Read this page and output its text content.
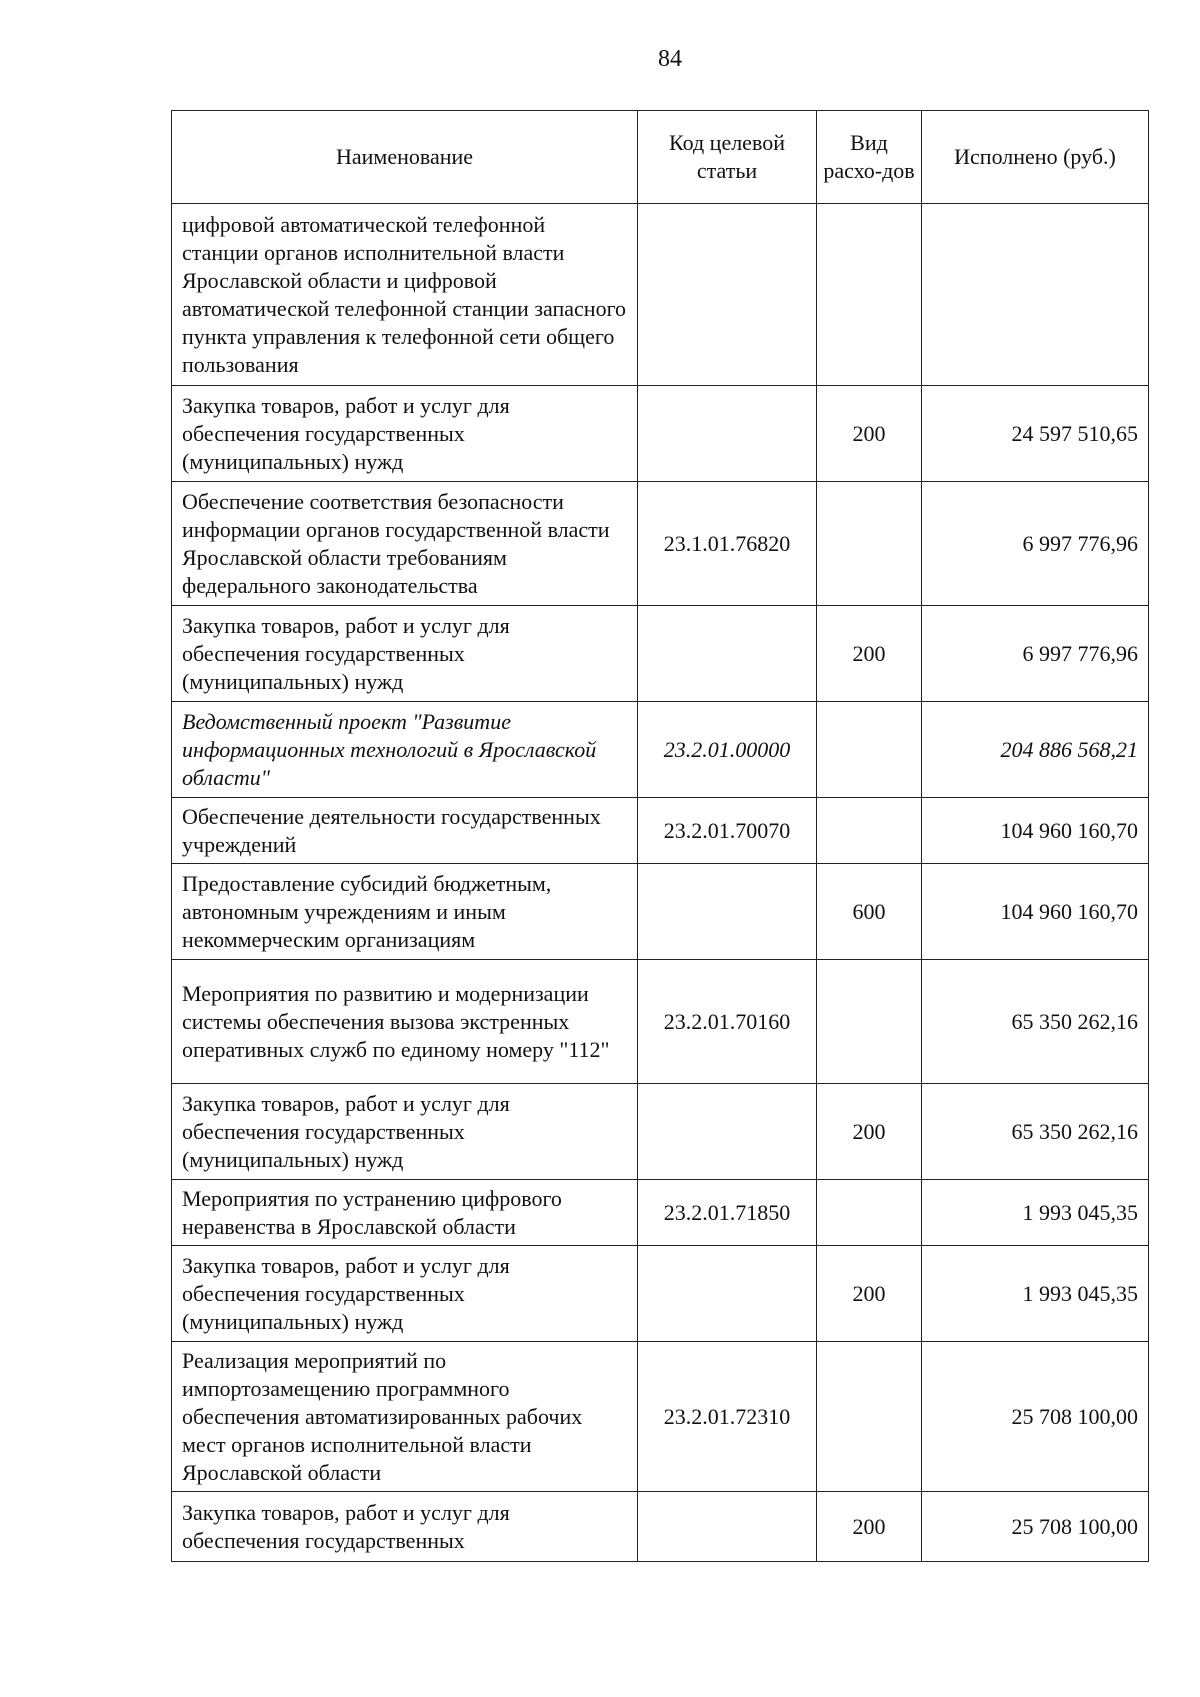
84
Наименование	Код целевой статьи	Вид расхо-дов	Исполнено (руб.)
цифровой автоматической телефонной станции органов исполнительной власти Ярославской области и цифровой автоматической телефонной станции запасного пункта управления к телефонной сети общего пользования			
Закупка товаров, работ и услуг для обеспечения государственных (муниципальных) нужд		200	24 597 510,65
Обеспечение соответствия безопасности информации органов государственной власти Ярославской области требованиям федерального законодательства	23.1.01.76820		6 997 776,96
Закупка товаров, работ и услуг для обеспечения государственных (муниципальных) нужд		200	6 997 776,96
Ведомственный проект "Развитие информационных технологий в Ярославской области"	23.2.01.00000		204 886 568,21
Обеспечение деятельности государственных учреждений	23.2.01.70070		104 960 160,70
Предоставление субсидий бюджетным, автономным учреждениям и иным некоммерческим организациям		600	104 960 160,70
Мероприятия по развитию и модернизации системы обеспечения вызова экстренных оперативных служб по единому номеру "112"	23.2.01.70160		65 350 262,16
Закупка товаров, работ и услуг для обеспечения государственных (муниципальных) нужд		200	65 350 262,16
Мероприятия по устранению цифрового неравенства в Ярославской области	23.2.01.71850		1 993 045,35
Закупка товаров, работ и услуг для обеспечения государственных (муниципальных) нужд		200	1 993 045,35
Реализация мероприятий по импортозамещению программного обеспечения автоматизированных рабочих мест органов исполнительной власти Ярославской области	23.2.01.72310		25 708 100,00
Закупка товаров, работ и услуг для обеспечения государственных		200	25 708 100,00
